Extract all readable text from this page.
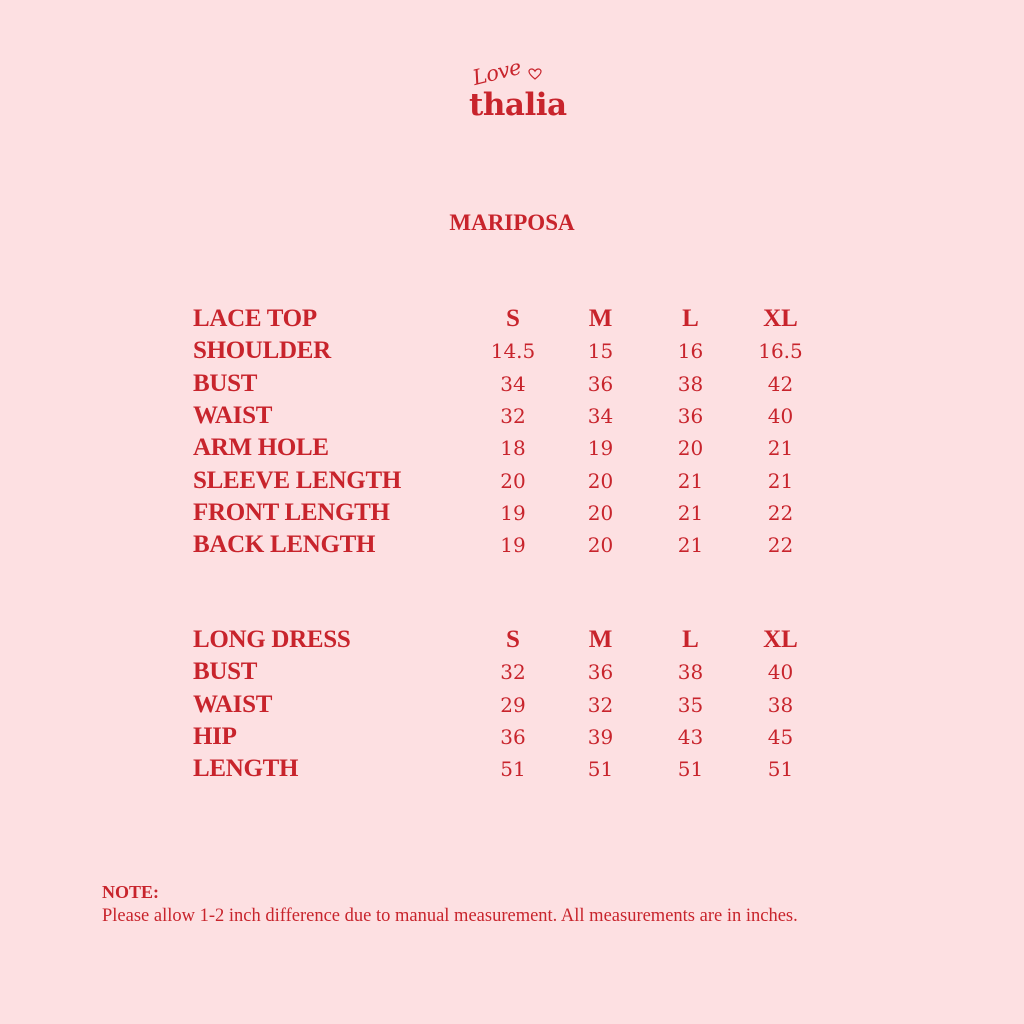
Love
thalia
MARIPOSA
LACE TOP	S	M	L	XL
SHOULDER	14.5	15	16	16.5
BUST	34	36	38	42
WAIST	32	34	36	40
ARM HOLE	18	19	20	21
SLEEVE LENGTH	20	20	21	21
FRONT LENGTH	19	20	21	22
BACK LENGTH	19	20	21	22
LONG DRESS	S	M	L	XL
BUST	32	36	38	40
WAIST	29	32	35	38
HIP	36	39	43	45
LENGTH	51	51	51	51
NOTE:
Please allow 1-2 inch difference due to manual measurement. All measurements are in inches.
